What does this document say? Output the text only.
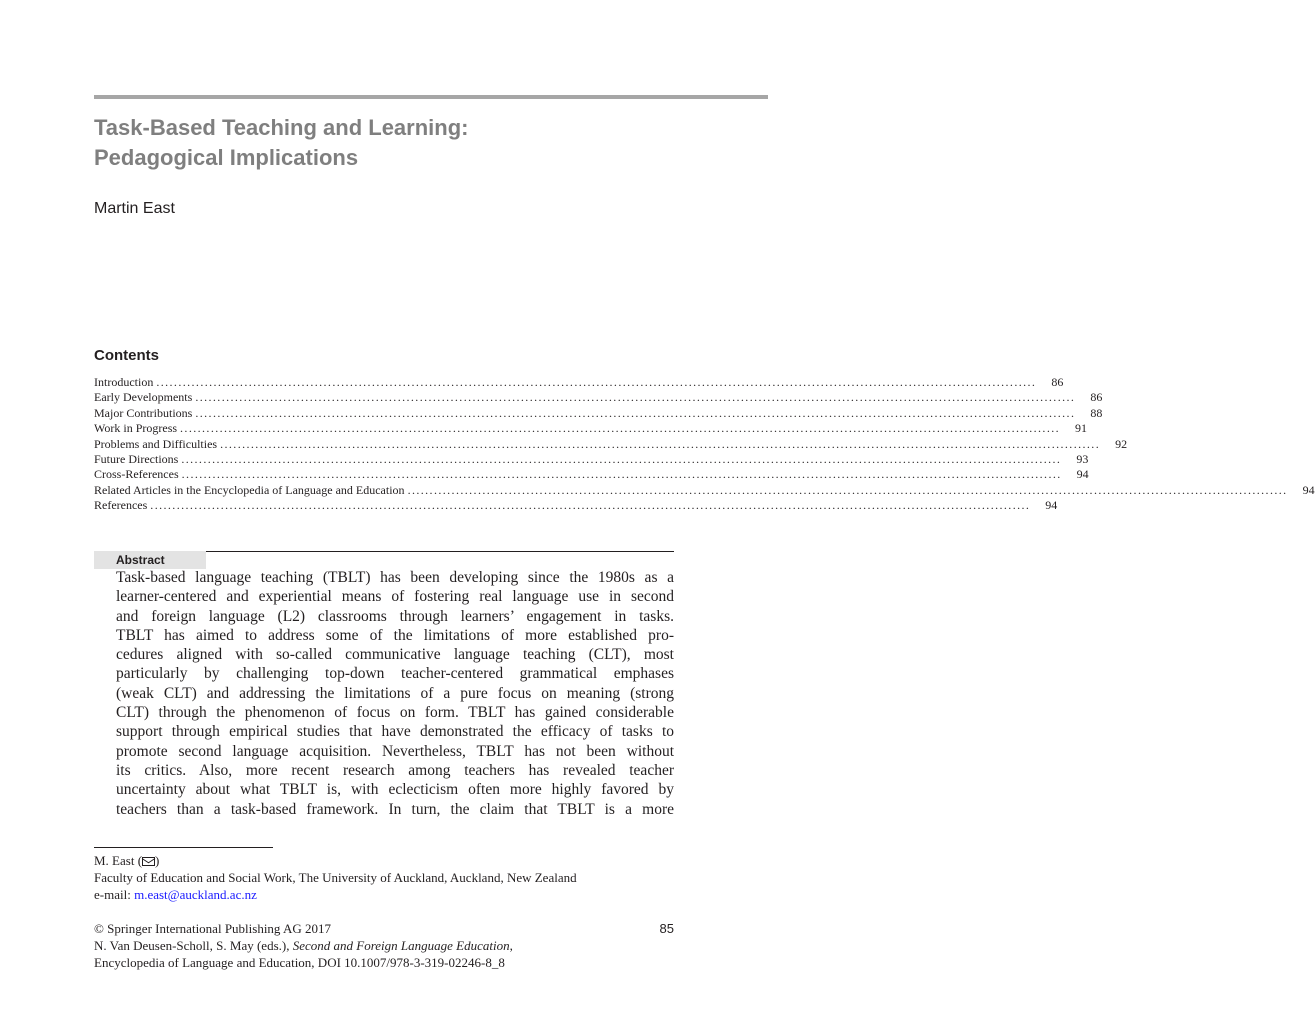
Task-Based Teaching and Learning:
Pedagogical Implications
Martin East
Contents
Introduction ........................................................................................................................................................................................................	86
Early Developments ........................................................................................................................................................................................................	86
Major Contributions ........................................................................................................................................................................................................	88
Work in Progress ........................................................................................................................................................................................................	91
Problems and Difficulties ........................................................................................................................................................................................................	92
Future Directions ........................................................................................................................................................................................................	93
Cross-References ........................................................................................................................................................................................................	94
Related Articles in the Encyclopedia of Language and Education ........................................................................................................................................................................................................	94
References ........................................................................................................................................................................................................	94
Abstract
Task-based language teaching (TBLT) has been developing since the 1980s as a
learner-centered and experiential means of fostering real language use in second
and foreign language (L2) classrooms through learners’ engagement in tasks.
TBLT has aimed to address some of the limitations of more established pro-
cedures aligned with so-called communicative language teaching (CLT), most
particularly by challenging top-down teacher-centered grammatical emphases
(weak CLT) and addressing the limitations of a pure focus on meaning (strong
CLT) through the phenomenon of focus on form. TBLT has gained considerable
support through empirical studies that have demonstrated the efficacy of tasks to
promote second language acquisition. Nevertheless, TBLT has not been without
its critics. Also, more recent research among teachers has revealed teacher
uncertainty about what TBLT is, with eclecticism often more highly favored by
teachers than a task-based framework. In turn, the claim that TBLT is a more
M. East ( )
Faculty of Education and Social Work, The University of Auckland, Auckland, New Zealand
e-mail: m.east@auckland.ac.nz
© Springer International Publishing AG 2017	85
N. Van Deusen-Scholl, S. May (eds.), Second and Foreign Language Education,
Encyclopedia of Language and Education, DOI 10.1007/978-3-319-02246-8_8
